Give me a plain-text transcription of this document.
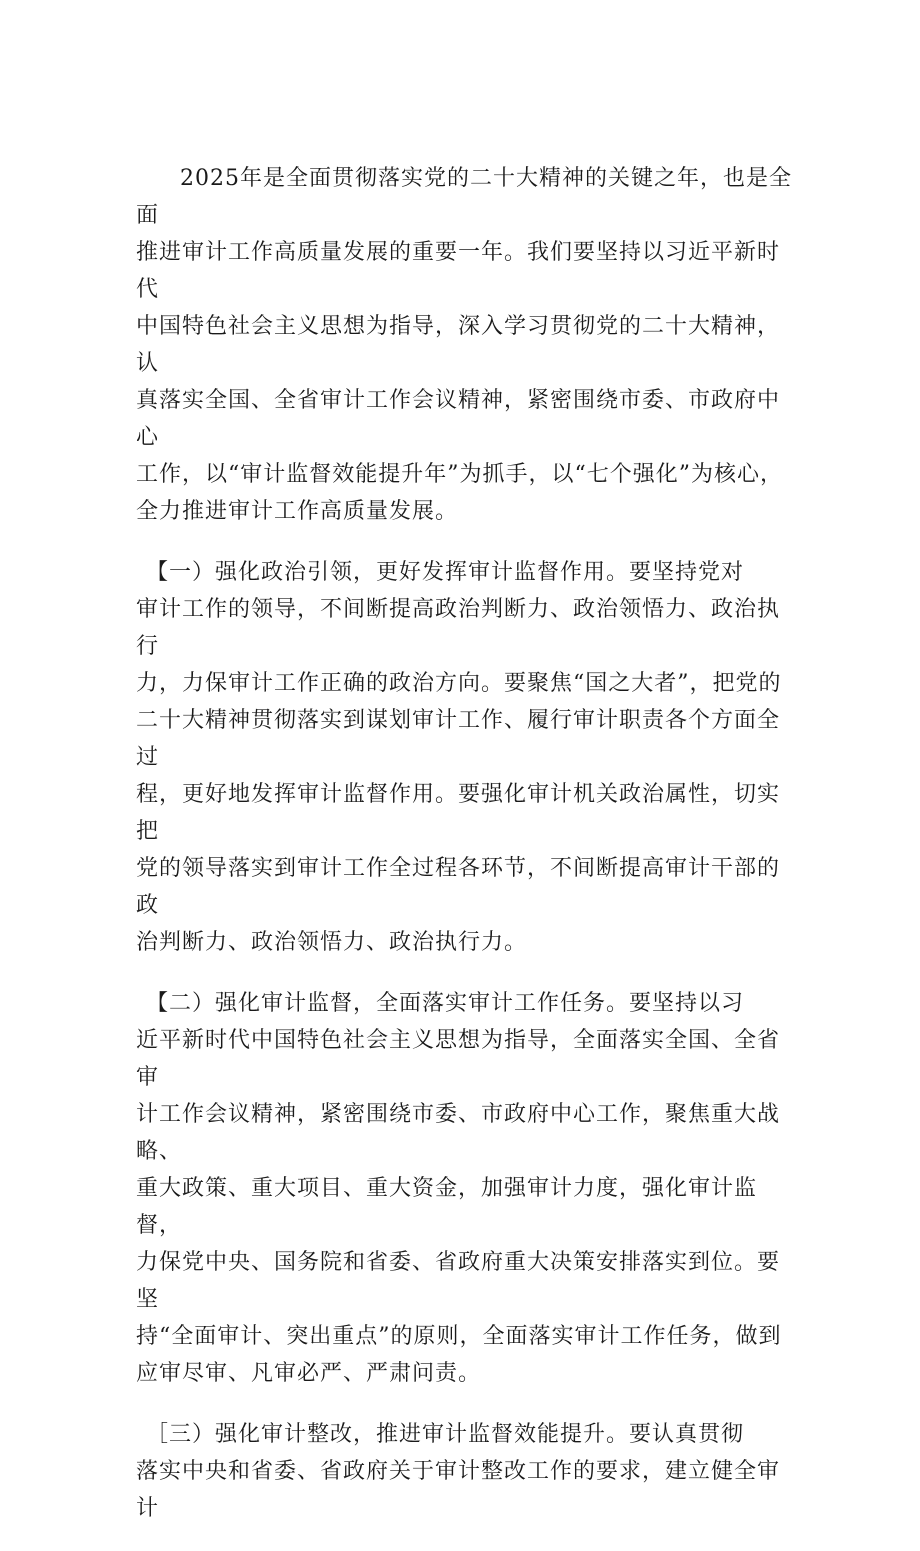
2025年是全面贯彻落实党的二十大精神的关键之年，也是全面
推进审计工作高质量发展的重要一年。我们要坚持以习近平新时代
中国特色社会主义思想为指导，深入学习贯彻党的二十大精神，认
真落实全国、全省审计工作会议精神，紧密围绕市委、市政府中心
工作，以“审计监督效能提升年”为抓手，以“七个强化”为核心，
全力推进审计工作高质量发展。

【一）强化政治引领，更好发挥审计监督作用。要坚持党对
审计工作的领导，不间断提高政治判断力、政治领悟力、政治执行
力，力保审计工作正确的政治方向。要聚焦“国之大者”，把党的
二十大精神贯彻落实到谋划审计工作、履行审计职责各个方面全过
程，更好地发挥审计监督作用。要强化审计机关政治属性，切实把
党的领导落实到审计工作全过程各环节，不间断提高审计干部的政
治判断力、政治领悟力、政治执行力。

【二）强化审计监督，全面落实审计工作任务。要坚持以习
近平新时代中国特色社会主义思想为指导，全面落实全国、全省审
计工作会议精神，紧密围绕市委、市政府中心工作，聚焦重大战略、
重大政策、重大项目、重大资金，加强审计力度，强化审计监督，
力保党中央、国务院和省委、省政府重大决策安排落实到位。要坚
持“全面审计、突出重点”的原则，全面落实审计工作任务，做到
应审尽审、凡审必严、严肃问责。

［三）强化审计整改，推进审计监督效能提升。要认真贯彻
落实中央和省委、省政府关于审计整改工作的要求，建立健全审计
